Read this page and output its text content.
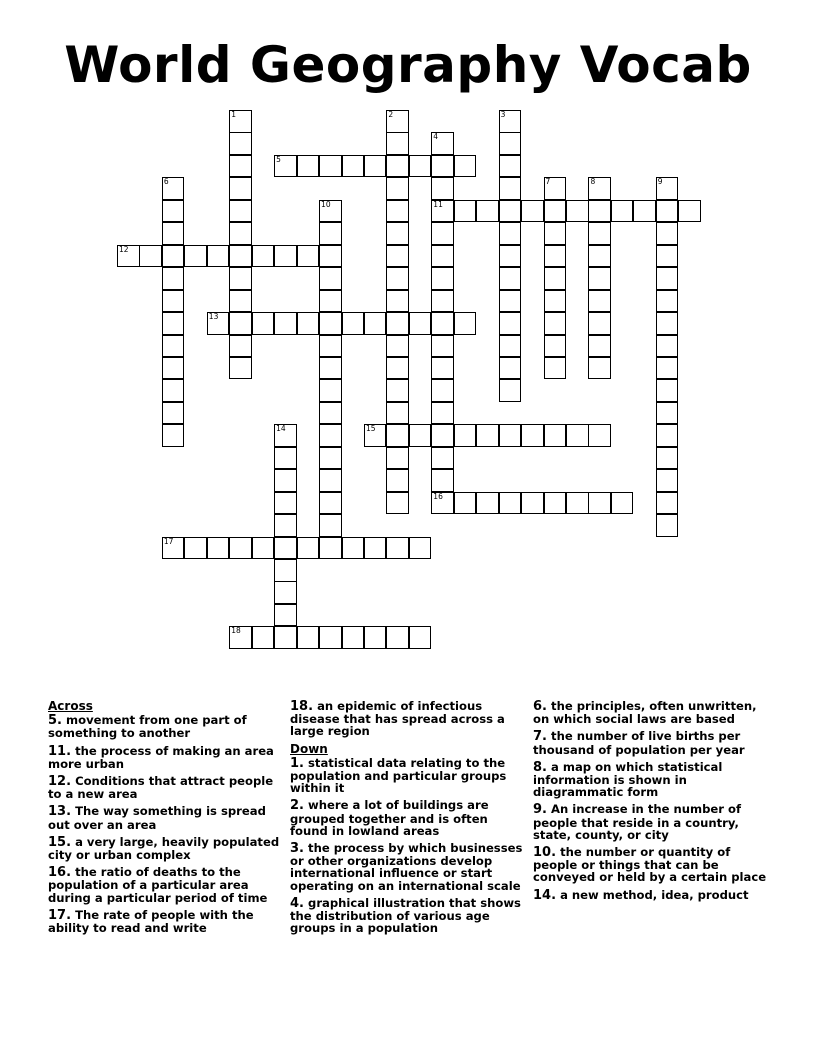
World Geography Vocab
1	2	3
4
11
5
6	7	8	9
10
12
13
14	15
16
17
18
Across

5. movement from one part of something to another

11. the process of making an area more urban

12. Conditions that attract people to a new area

13. The way something is spread out over an area

15. a very large, heavily populated city or urban complex

16. the ratio of deaths to the population of a particular area during a particular period of time

17. The rate of people with the ability to read and write

18. an epidemic of infectious disease that has spread across a large region

Down

1. statistical data relating to the population and particular groups within it

2. where a lot of buildings are grouped together and is often found in lowland areas

3. the process by which businesses or other organizations develop international influence or start operating on an international scale

4. graphical illustration that shows the distribution of various age groups in a population

6. the principles, often unwritten, on which social laws are based

7. the number of live births per thousand of population per year

8. a map on which statistical information is shown in diagrammatic form

9. An increase in the number of people that reside in a country, state, county, or city

10. the number or quantity of people or things that can be conveyed or held by a certain place

14. a new method, idea, product
